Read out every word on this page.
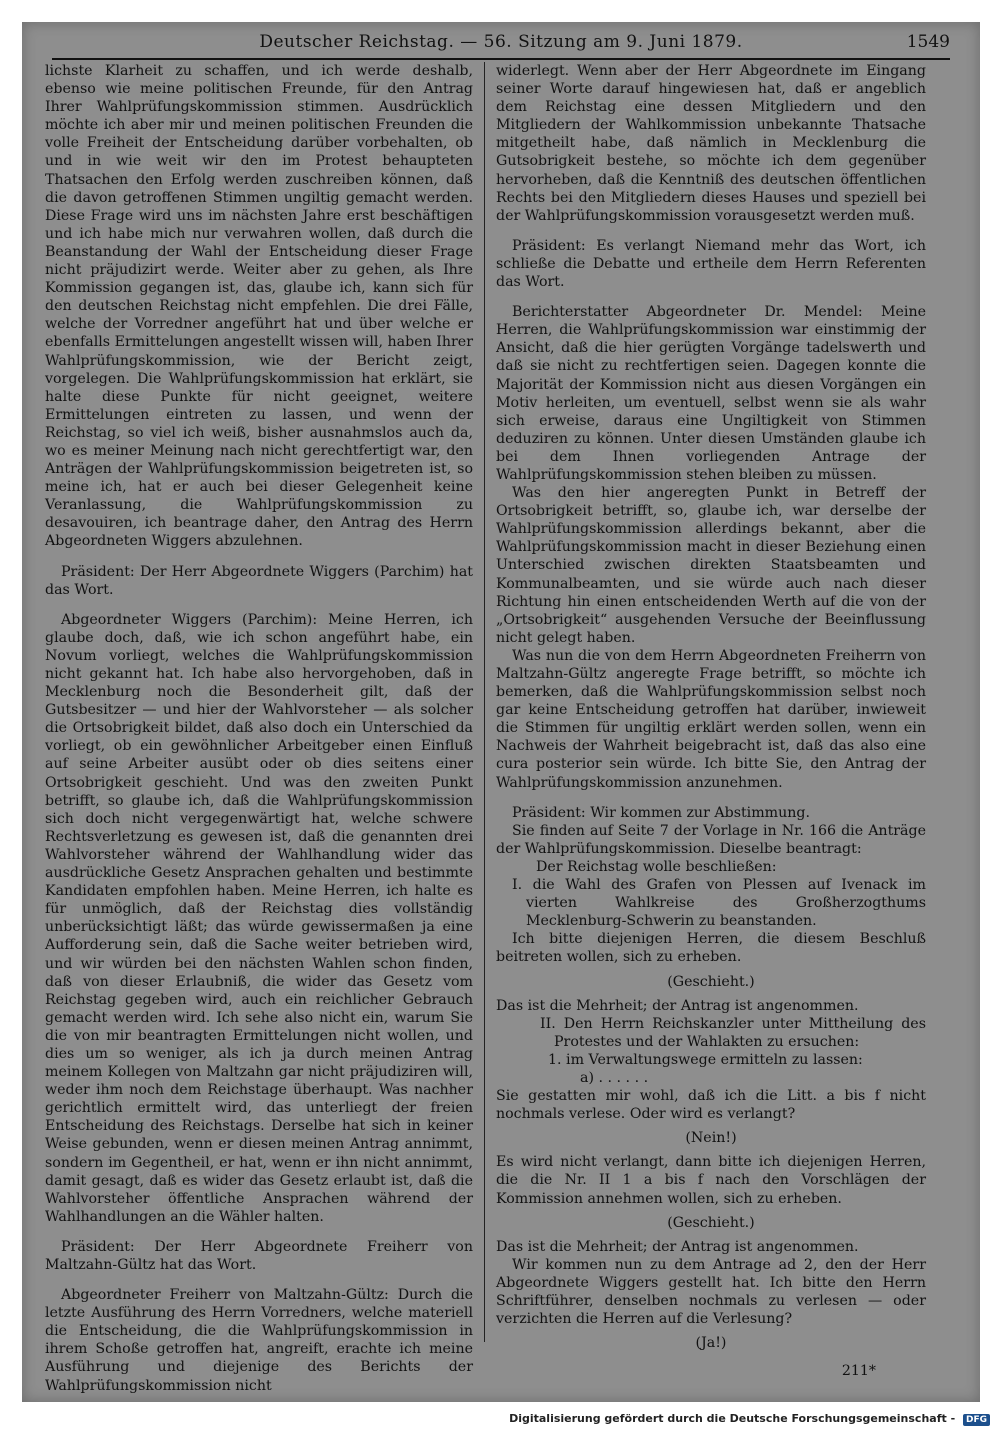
Deutscher Reichstag. — 56. Sitzung am 9. Juni 1879.	1549

lichste Klarheit zu schaffen, und ich werde deshalb, ebenso wie meine politischen Freunde, für den Antrag Ihrer Wahlprüfungskommission stimmen. Ausdrücklich möchte ich aber mir und meinen politischen Freunden die volle Freiheit der Entscheidung darüber vorbehalten, ob und in wie weit wir den im Protest behaupteten Thatsachen den Erfolg werden zuschreiben können, daß die davon getroffenen Stimmen ungiltig gemacht werden. Diese Frage wird uns im nächsten Jahre erst beschäftigen und ich habe mich nur verwahren wollen, daß durch die Beanstandung der Wahl der Entscheidung dieser Frage nicht präjudizirt werde. Weiter aber zu gehen, als Ihre Kommission gegangen ist, das, glaube ich, kann sich für den deutschen Reichstag nicht empfehlen. Die drei Fälle, welche der Vorredner angeführt hat und über welche er ebenfalls Ermittelungen angestellt wissen will, haben Ihrer Wahlprüfungskommission, wie der Bericht zeigt, vorgelegen. Die Wahlprüfungskommission hat erklärt, sie halte diese Punkte für nicht geeignet, weitere Ermittelungen eintreten zu lassen, und wenn der Reichstag, so viel ich weiß, bisher ausnahmslos auch da, wo es meiner Meinung nach nicht gerechtfertigt war, den Anträgen der Wahlprüfungskommission beigetreten ist, so meine ich, hat er auch bei dieser Gelegenheit keine Veranlassung, die Wahlprüfungskommission zu desavouiren, ich beantrage daher, den Antrag des Herrn Abgeordneten Wiggers abzulehnen.

Präsident: Der Herr Abgeordnete Wiggers (Parchim) hat das Wort.

Abgeordneter Wiggers (Parchim): Meine Herren, ich glaube doch, daß, wie ich schon angeführt habe, ein Novum vorliegt, welches die Wahlprüfungskommission nicht gekannt hat. Ich habe also hervorgehoben, daß in Mecklenburg noch die Besonderheit gilt, daß der Gutsbesitzer — und hier der Wahlvorsteher — als solcher die Ortsobrigkeit bildet, daß also doch ein Unterschied da vorliegt, ob ein gewöhnlicher Arbeitgeber einen Einfluß auf seine Arbeiter ausübt oder ob dies seitens einer Ortsobrigkeit geschieht. Und was den zweiten Punkt betrifft, so glaube ich, daß die Wahlprüfungskommission sich doch nicht vergegenwärtigt hat, welche schwere Rechtsverletzung es gewesen ist, daß die genannten drei Wahlvorsteher während der Wahlhandlung wider das ausdrückliche Gesetz Ansprachen gehalten und bestimmte Kandidaten empfohlen haben. Meine Herren, ich halte es für unmöglich, daß der Reichstag dies vollständig unberücksichtigt läßt; das würde gewissermaßen ja eine Aufforderung sein, daß die Sache weiter betrieben wird, und wir würden bei den nächsten Wahlen schon finden, daß von dieser Erlaubniß, die wider das Gesetz vom Reichstag gegeben wird, auch ein reichlicher Gebrauch gemacht werden wird. Ich sehe also nicht ein, warum Sie die von mir beantragten Ermittelungen nicht wollen, und dies um so weniger, als ich ja durch meinen Antrag meinem Kollegen von Maltzahn gar nicht präjudiziren will, weder ihm noch dem Reichstage überhaupt. Was nachher gerichtlich ermittelt wird, das unterliegt der freien Entscheidung des Reichstags. Derselbe hat sich in keiner Weise gebunden, wenn er diesen meinen Antrag annimmt, sondern im Gegentheil, er hat, wenn er ihn nicht annimmt, damit gesagt, daß es wider das Gesetz erlaubt ist, daß die Wahlvorsteher öffentliche Ansprachen während der Wahlhandlungen an die Wähler halten.

Präsident: Der Herr Abgeordnete Freiherr von Maltzahn-Gültz hat das Wort.

Abgeordneter Freiherr von Maltzahn-Gültz: Durch die letzte Ausführung des Herrn Vorredners, welche materiell die Entscheidung, die die Wahlprüfungskommission in ihrem Schoße getroffen hat, angreift, erachte ich meine Ausführung und diejenige des Berichts der Wahlprüfungskommission nicht

widerlegt. Wenn aber der Herr Abgeordnete im Eingang seiner Worte darauf hingewiesen hat, daß er angeblich dem Reichstag eine dessen Mitgliedern und den Mitgliedern der Wahlkommission unbekannte Thatsache mitgetheilt habe, daß nämlich in Mecklenburg die Gutsobrigkeit bestehe, so möchte ich dem gegenüber hervorheben, daß die Kenntniß des deutschen öffentlichen Rechts bei den Mitgliedern dieses Hauses und speziell bei der Wahlprüfungskommission vorausgesetzt werden muß.

Präsident: Es verlangt Niemand mehr das Wort, ich schließe die Debatte und ertheile dem Herrn Referenten das Wort.

Berichterstatter Abgeordneter Dr. Mendel: Meine Herren, die Wahlprüfungskommission war einstimmig der Ansicht, daß die hier gerügten Vorgänge tadelswerth und daß sie nicht zu rechtfertigen seien. Dagegen konnte die Majorität der Kommission nicht aus diesen Vorgängen ein Motiv herleiten, um eventuell, selbst wenn sie als wahr sich erweise, daraus eine Ungiltigkeit von Stimmen deduziren zu können. Unter diesen Umständen glaube ich bei dem Ihnen vorliegenden Antrage der Wahlprüfungskommission stehen bleiben zu müssen.

Was den hier angeregten Punkt in Betreff der Ortsobrigkeit betrifft, so, glaube ich, war derselbe der Wahlprüfungskommission allerdings bekannt, aber die Wahlprüfungskommission macht in dieser Beziehung einen Unterschied zwischen direkten Staatsbeamten und Kommunalbeamten, und sie würde auch nach dieser Richtung hin einen entscheidenden Werth auf die von der „Ortsobrigkeit“ ausgehenden Versuche der Beeinflussung nicht gelegt haben.

Was nun die von dem Herrn Abgeordneten Freiherrn von Maltzahn-Gültz angeregte Frage betrifft, so möchte ich bemerken, daß die Wahlprüfungskommission selbst noch gar keine Entscheidung getroffen hat darüber, inwieweit die Stimmen für ungiltig erklärt werden sollen, wenn ein Nachweis der Wahrheit beigebracht ist, daß das also eine cura posterior sein würde. Ich bitte Sie, den Antrag der Wahlprüfungskommission anzunehmen.

Präsident: Wir kommen zur Abstimmung.

Sie finden auf Seite 7 der Vorlage in Nr. 166 die Anträge der Wahlprüfungskommission. Dieselbe beantragt:

Der Reichstag wolle beschließen:

I. die Wahl des Grafen von Plessen auf Ivenack im vierten Wahlkreise des Großherzogthums Mecklenburg-Schwerin zu beanstanden.

Ich bitte diejenigen Herren, die diesem Beschluß beitreten wollen, sich zu erheben.

(Geschieht.)

Das ist die Mehrheit; der Antrag ist angenommen.

II. Den Herrn Reichskanzler unter Mittheilung des Protestes und der Wahlakten zu ersuchen:

1. im Verwaltungswege ermitteln zu lassen:

a) . . . . . .

Sie gestatten mir wohl, daß ich die Litt. a bis f nicht nochmals verlese. Oder wird es verlangt?

(Nein!)

Es wird nicht verlangt, dann bitte ich diejenigen Herren, die die Nr. II 1 a bis f nach den Vorschlägen der Kommission annehmen wollen, sich zu erheben.

(Geschieht.)

Das ist die Mehrheit; der Antrag ist angenommen.

Wir kommen nun zu dem Antrage ad 2, den der Herr Abgeordnete Wiggers gestellt hat. Ich bitte den Herrn Schriftführer, denselben nochmals zu verlesen — oder verzichten die Herren auf die Verlesung?

(Ja!)

211*

Digitalisierung gefördert durch die Deutsche Forschungsgemeinschaft - DFG
